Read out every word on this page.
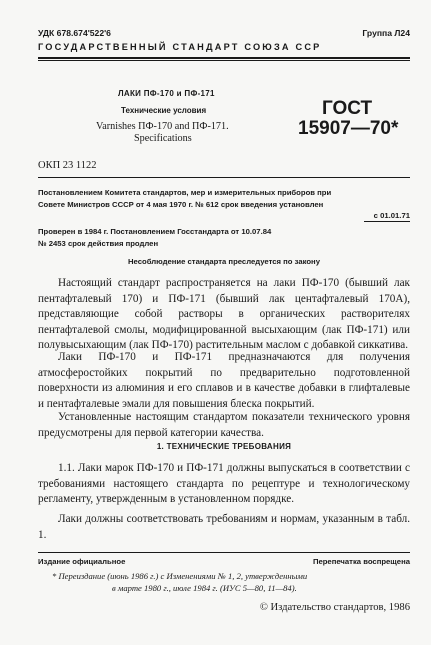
УДК 678.674'522'6	Группа Л24
ГОСУДАРСТВЕННЫЙ СТАНДАРТ СОЮЗА ССР
ЛАКИ ПФ-170 и ПФ-171
Технические условия
Varnishes ПФ-170 and ПФ-171.
Specifications
ГОСТ
15907—70*
ОКП 23 1122
Постановлением Комитета стандартов, мер и измерительных приборов при
Совете Министров СССР от 4 мая 1970 г. № 612 срок введения установлен
с 01.01.71
Проверен в 1984 г. Постановлением Госстандарта от 10.07.84
№ 2453 срок действия продлен
Несоблюдение стандарта преследуется по закону
Настоящий стандарт распространяется на лаки ПФ-170 (бывший лак пентафталевый 170) и ПФ-171 (бывший лак центафталевый 170А), представляющие собой растворы в органических растворителях пентафталевой смолы, модифицированной высыхающим (лак ПФ-171) или полувысыхающим (лак ПФ-170) растительным маслом с добавкой сиккатива.
Лаки ПФ-170 и ПФ-171 предназначаются для получения атмосферостойких покрытий по предварительно подготовленной поверхности из алюминия и его сплавов и в качестве добавки в глифталевые и пентафталевые эмали для повышения блеска покрытий.
Установленные настоящим стандартом показатели технического уровня предусмотрены для первой категории качества.
1. ТЕХНИЧЕСКИЕ ТРЕБОВАНИЯ
1.1. Лаки марок ПФ-170 и ПФ-171 должны выпускаться в соответствии с требованиями настоящего стандарта по рецептуре и технологическому регламенту, утвержденным в установленном порядке.
Лаки должны соответствовать требованиям и нормам, указанным в табл. 1.
Издание официальное	Перепечатка воспрещена
* Переиздание (июнь 1986 г.) с Изменениями № 1, 2, утвержденными
в марте 1980 г., июле 1984 г. (ИУС 5—80, 11—84).
© Издательство стандартов, 1986
